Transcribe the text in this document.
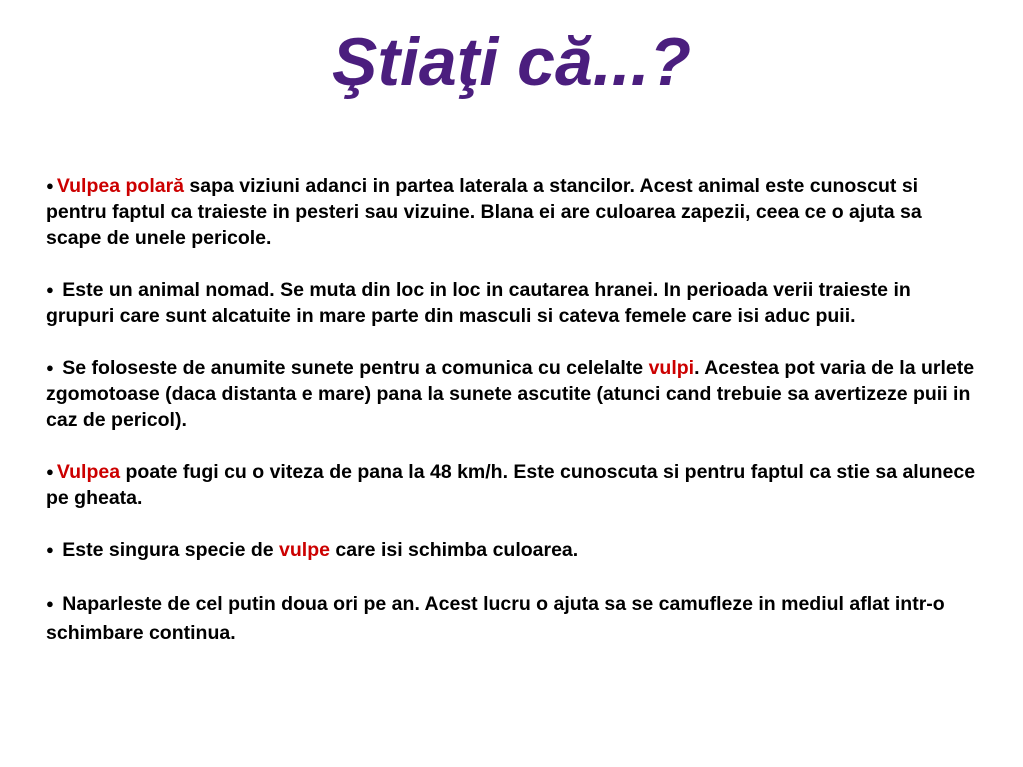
Ştiaţi că...?

● Vulpea polară sapa viziuni adanci in partea laterala a stancilor. Acest animal este cunoscut si pentru faptul ca traieste in pesteri sau vizuine. Blana ei are culoarea zapezii, ceea ce o ajuta sa scape de unele pericole.

● Este un animal nomad. Se muta din loc in loc in cautarea hranei. In perioada verii traieste in grupuri care sunt alcatuite in mare parte din masculi si cateva femele care isi aduc puii.

● Se foloseste de anumite sunete pentru a comunica cu celelalte vulpi. Acestea pot varia de la urlete zgomotoase (daca distanta e mare) pana la sunete ascutite (atunci cand trebuie sa avertizeze puii in caz de pericol).

● Vulpea poate fugi cu o viteza de pana la 48 km/h. Este cunoscuta si pentru faptul ca stie sa alunece pe gheata.

● Este singura specie de vulpe care isi schimba culoarea.

● Naparleste de cel putin doua ori pe an. Acest lucru o ajuta sa se camufleze in mediul aflat intr-o schimbare continua.
